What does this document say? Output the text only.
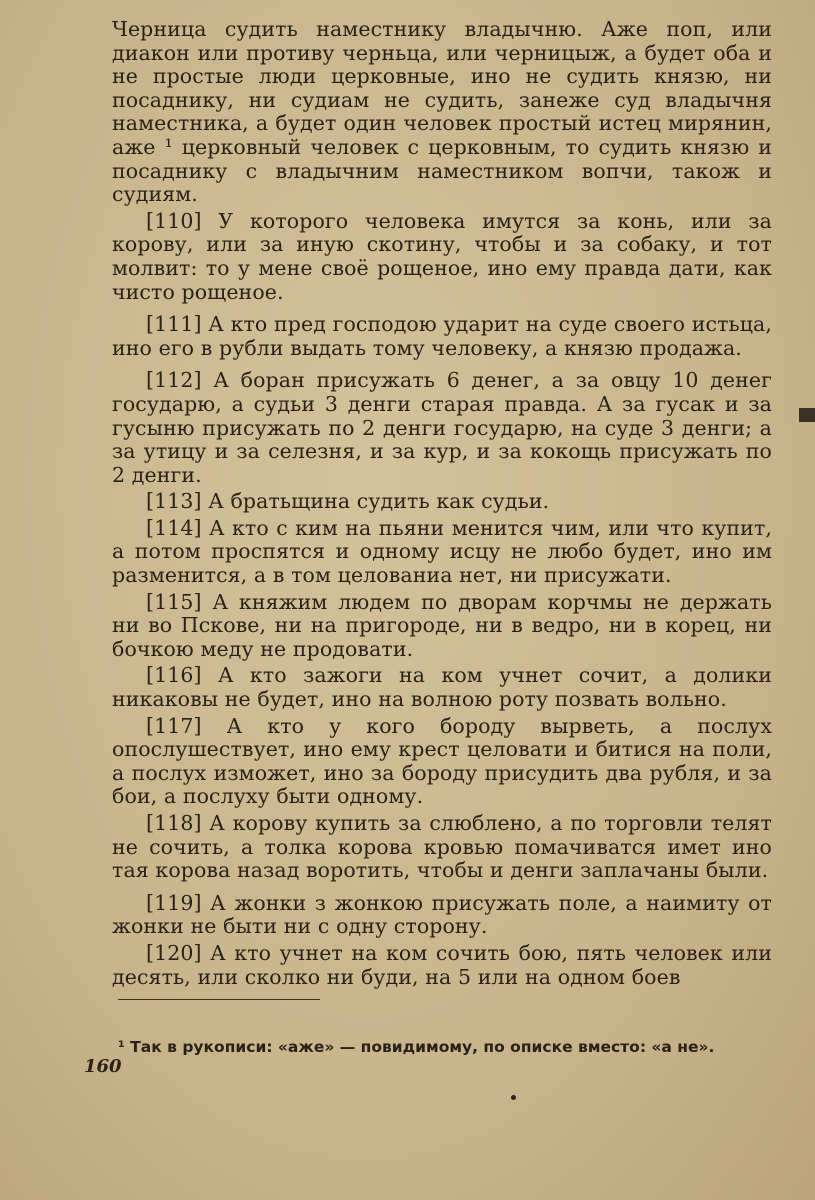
Черница судить наместнику владычню. Аже поп, или диакон или противу черньца, или черницыж, а будет оба и не простые люди церковные, ино не судить князю, ни посаднику, ни судиам не судить, занеже суд владычня наместника, а будет один человек простый истец мирянин, аже ¹ церковный человек с церковным, то судить князю и посаднику с владычним наместником вопчи, також и судиям.

[110] У которого человека имутся за конь, или за корову, или за иную скотину, чтобы и за собаку, и тот молвит: то у мене своё рощеное, ино ему правда дати, как чисто рощеное.

[111] А кто пред господою ударит на суде своего истьца, ино его в рубли выдать тому человеку, а князю продажа.

[112] А боран присужать 6 денег, а за овцу 10 денег государю, а судьи 3 денги старая правда. А за гусак и за гусыню присужать по 2 денги государю, на суде 3 денги; а за утицу и за селезня, и за кур, и за кокощь присужать по 2 денги.

[113] А братьщина судить как судьи.

[114] А кто с ким на пьяни менится чим, или что купит, а потом проспятся и одному исцу не любо будет, ино им разменится, а в том целованиа нет, ни присужати.

[115] А княжим людем по дворам корчмы не держать ни во Пскове, ни на пригороде, ни в ведро, ни в корец, ни бочкою меду не продовати.

[116] А кто зажоги на ком учнет сочит, а долики никаковы не будет, ино на волною роту позвать вольно.

[117] А кто у кого бороду вырветь, а послух опослушествует, ино ему крест целовати и битися на поли, а послух изможет, ино за бороду присудить два рубля, и за бои, а послуху быти одному.

[118] А корову купить за слюблено, а по торговли телят не сочить, а толка корова кровью помачиватся имет ино тая корова назад воротить, чтобы и денги заплачаны были.

[119] А жонки з жонкою присужать поле, а наимиту от жонки не быти ни с одну сторону.

[120] А кто учнет на ком сочить бою, пять человек или десять, или сколко ни буди, на 5 или на одном боев

¹ Так в рукописи: «аже» — повидимому, по описке вместо: «а не».
160
